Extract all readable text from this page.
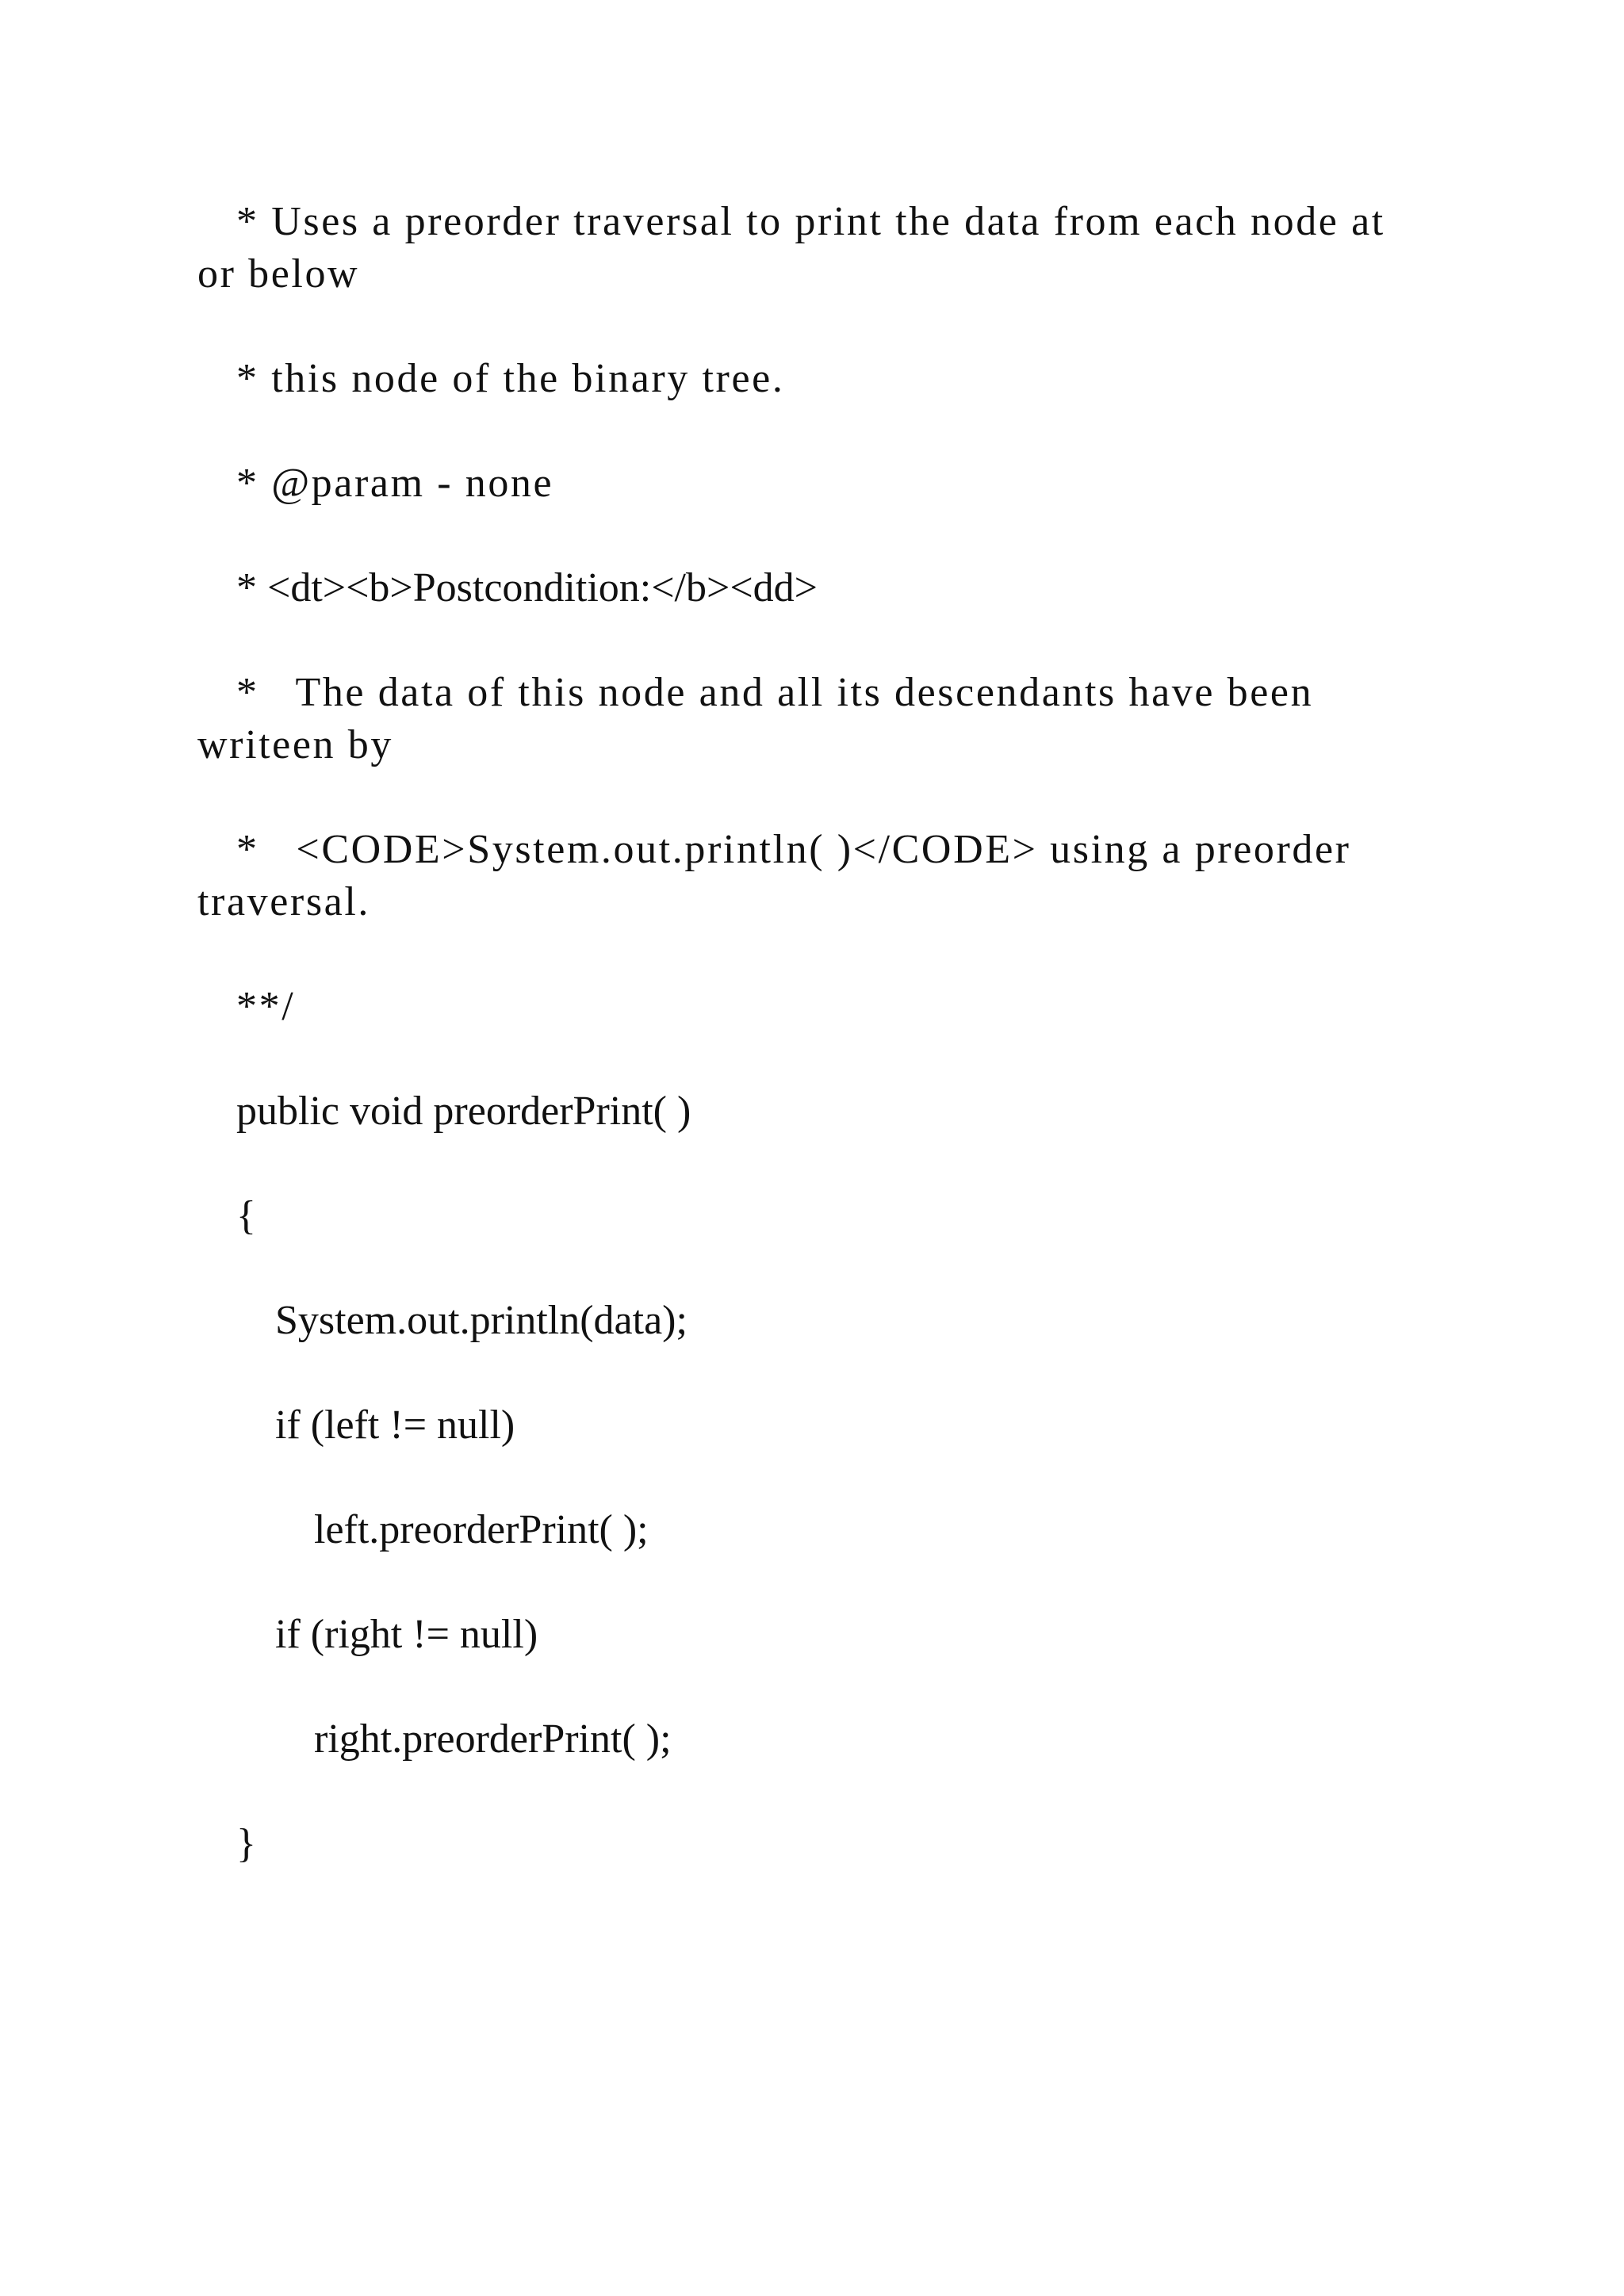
* Uses a preorder traversal to print the data from each node at
or below
* this node of the binary tree.
* @param - none
* <dt><b>Postcondition:</b><dd>
*   The data of this node and all its descendants have been
writeen by
*   <CODE>System.out.println( )</CODE> using a preorder
traversal.
**/
public void preorderPrint( )
{
System.out.println(data);
if (left != null)
left.preorderPrint( );
if (right != null)
right.preorderPrint( );
}
